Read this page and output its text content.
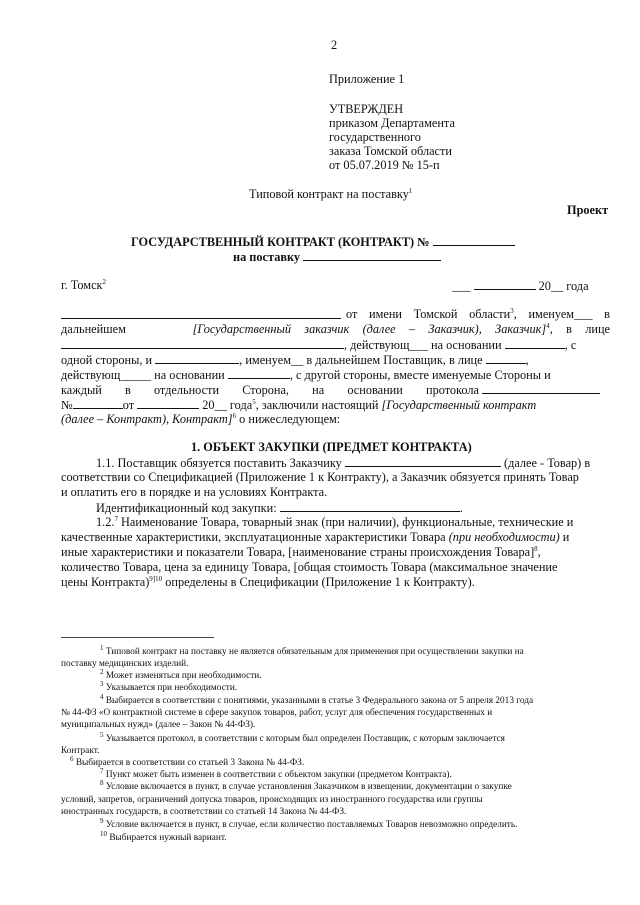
2
Приложение 1
УТВЕРЖДЕН
приказом Департамента
государственного
заказа Томской области
от 05.07.2019 № 15-п
Типовой контракт на поставку$^1$
Проект
ГОСУДАРСТВЕННЫЙ КОНТРАКТ (КОНТРАКТ) №
на поставку
г. Томск$^2$	___	20__ года
от имени Томской области$^3$, именуем___ в
дальнейшем	[Государственный заказчик (далее – Заказчик), Заказчик]$^4$, в лице
, действующ___ на основании	, с
одной стороны, и	, именуем__ в дальнейшем Поставщик, в лице	,
действующ_____ на основании	, с другой стороны, вместе именуемые Стороны и
каждый в отдельности Сторона, на основании протокола
№	от	20__ года$^5$, заключили настоящий [Государственный контракт
(далее – Контракт), Контракт]$^6$ о нижеследующем:
1. ОБЪЕКТ ЗАКУПКИ (ПРЕДМЕТ КОНТРАКТА)
1.1. Поставщик обязуется поставить Заказчику	(далее - Товар) в
соответствии со Спецификацией (Приложение 1 к Контракту), а Заказчик обязуется принять Товар
и оплатить его в порядке и на условиях Контракта.
Идентификационный код закупки:	.
1.2.$^7$ Наименование Товара, товарный знак (при наличии), функциональные, технические и
качественные характеристики, эксплуатационные характеристики Товара (при необходимости) и
иные характеристики и показатели Товара, [наименование страны происхождения Товара]$^8$,
количество Товара, цена за единицу Товара, [общая стоимость Товара (максимальное значение
цены Контракта)$^{9]10}$ определены в Спецификации (Приложение 1 к Контракту).
$^1$ Типовой контракт на поставку не является обязательным для применения при осуществлении закупки на
поставку медицинских изделий.
$^2$ Может изменяться при необходимости.
$^3$ Указывается при необходимости.
$^4$ Выбирается в соответствии с понятиями, указанными в статье 3 Федерального закона от 5 апреля 2013 года
№ 44-ФЗ «О контрактной системе в сфере закупок товаров, работ, услуг для обеспечения государственных и
муниципальных нужд» (далее – Закон № 44-ФЗ).
$^5$ Указывается протокол, в соответствии с которым был определен Поставщик, с которым заключается
Контракт.
$^6$ Выбирается в соответствии со статьей 3 Закона № 44-ФЗ.
$^7$ Пункт может быть изменен в соответствии с объектом закупки (предметом Контракта).
$^8$ Условие включается в пункт, в случае установления Заказчиком в извещении, документации о закупке
условий, запретов, ограничений допуска товаров, происходящих из иностранного государства или группы
иностранных государств, в соответствии со статьей 14 Закона № 44-ФЗ.
$^9$ Условие включается в пункт, в случае, если количество поставляемых Товаров невозможно определить.
$^{10}$ Выбирается нужный вариант.
